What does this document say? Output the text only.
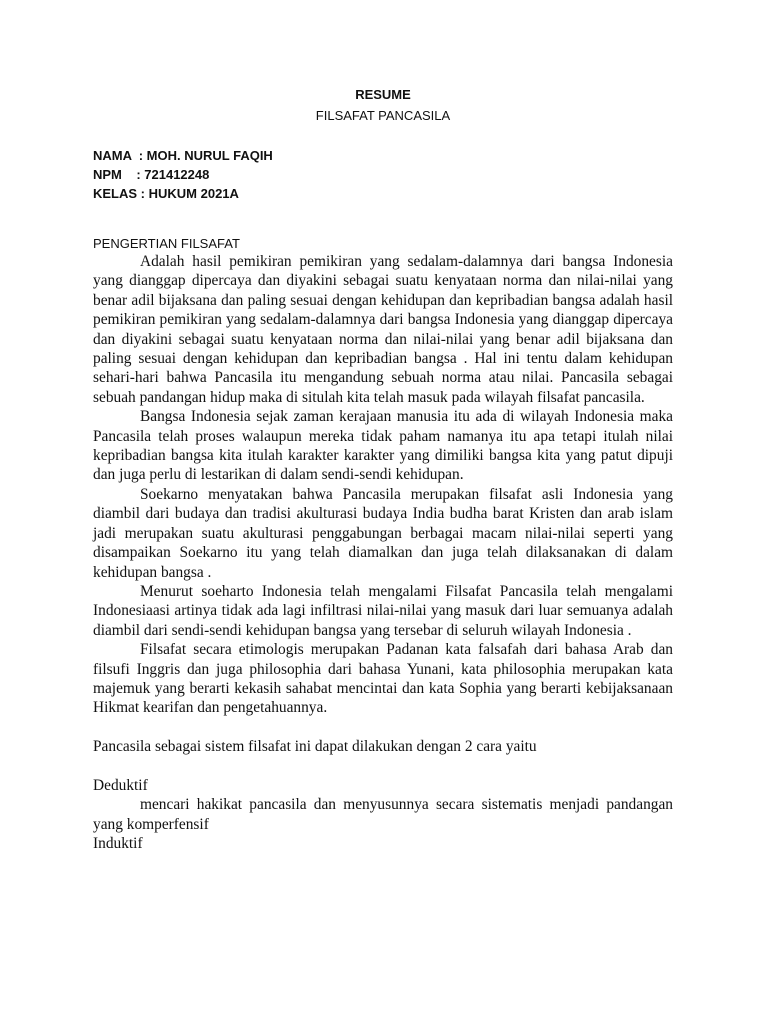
RESUME

FILSAFAT PANCASILA

NAMA  : MOH. NURUL FAQIH
NPM    : 721412248
KELAS : HUKUM 2021A
PENGERTIAN FILSAFAT

Adalah hasil pemikiran pemikiran yang sedalam-dalamnya dari bangsa Indonesia yang dianggap dipercaya dan diyakini sebagai suatu kenyataan norma dan nilai-nilai yang benar adil bijaksana dan paling sesuai dengan kehidupan dan kepribadian bangsa adalah hasil pemikiran pemikiran yang sedalam-dalamnya dari bangsa Indonesia yang dianggap dipercaya dan diyakini sebagai suatu kenyataan norma dan nilai-nilai yang benar adil bijaksana dan paling sesuai dengan kehidupan dan kepribadian bangsa . Hal ini tentu dalam kehidupan sehari-hari bahwa Pancasila itu mengandung sebuah norma atau nilai. Pancasila sebagai sebuah pandangan hidup maka di situlah kita telah masuk pada wilayah filsafat pancasila.

Bangsa Indonesia sejak zaman kerajaan manusia itu ada di wilayah Indonesia maka Pancasila telah proses walaupun mereka tidak paham namanya itu apa tetapi itulah nilai kepribadian bangsa kita itulah karakter karakter yang dimiliki bangsa kita yang patut dipuji dan juga perlu di lestarikan di dalam sendi-sendi kehidupan.

Soekarno menyatakan bahwa Pancasila merupakan filsafat asli Indonesia yang diambil dari budaya dan tradisi akulturasi budaya India budha barat Kristen dan arab islam jadi merupakan suatu akulturasi penggabungan berbagai macam nilai-nilai seperti yang disampaikan Soekarno itu yang telah diamalkan dan juga telah dilaksanakan di dalam kehidupan bangsa .

Menurut soeharto Indonesia telah mengalami Filsafat Pancasila telah mengalami Indonesiaasi artinya tidak ada lagi infiltrasi nilai-nilai yang masuk dari luar semuanya adalah diambil dari sendi-sendi kehidupan bangsa yang tersebar di seluruh wilayah Indonesia .

Filsafat secara etimologis merupakan Padanan kata falsafah dari bahasa Arab dan filsufi Inggris dan juga philosophia dari bahasa Yunani, kata philosophia merupakan kata majemuk yang berarti kekasih sahabat mencintai dan kata Sophia yang berarti kebijaksanaan Hikmat kearifan dan pengetahuannya.

Pancasila sebagai sistem filsafat ini dapat dilakukan dengan 2 cara yaitu

Deduktif

mencari hakikat pancasila dan menyusunnya secara sistematis menjadi pandangan yang komperfensif

Induktif
